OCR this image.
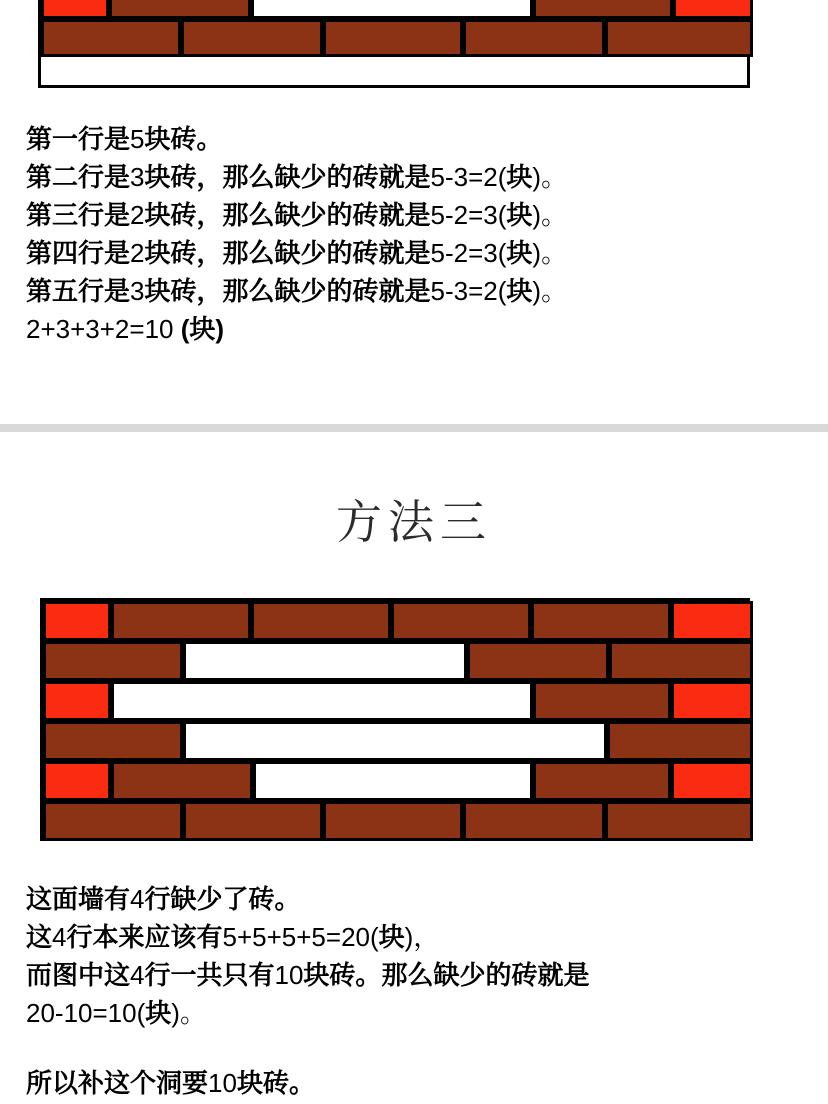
第一行是5块砖。
第二行是3块砖，那么缺少的砖就是5-3=2(块)。
第三行是2块砖，那么缺少的砖就是5-2=3(块)。
第四行是2块砖，那么缺少的砖就是5-2=3(块)。
第五行是3块砖，那么缺少的砖就是5-3=2(块)。
2+3+3+2=10 (块)
方法三
这面墙有4行缺少了砖。
这4行本来应该有5+5+5+5=20(块)，
而图中这4行一共只有10块砖。那么缺少的砖就是
20-10=10(块)。
所以补这个洞要10块砖。
